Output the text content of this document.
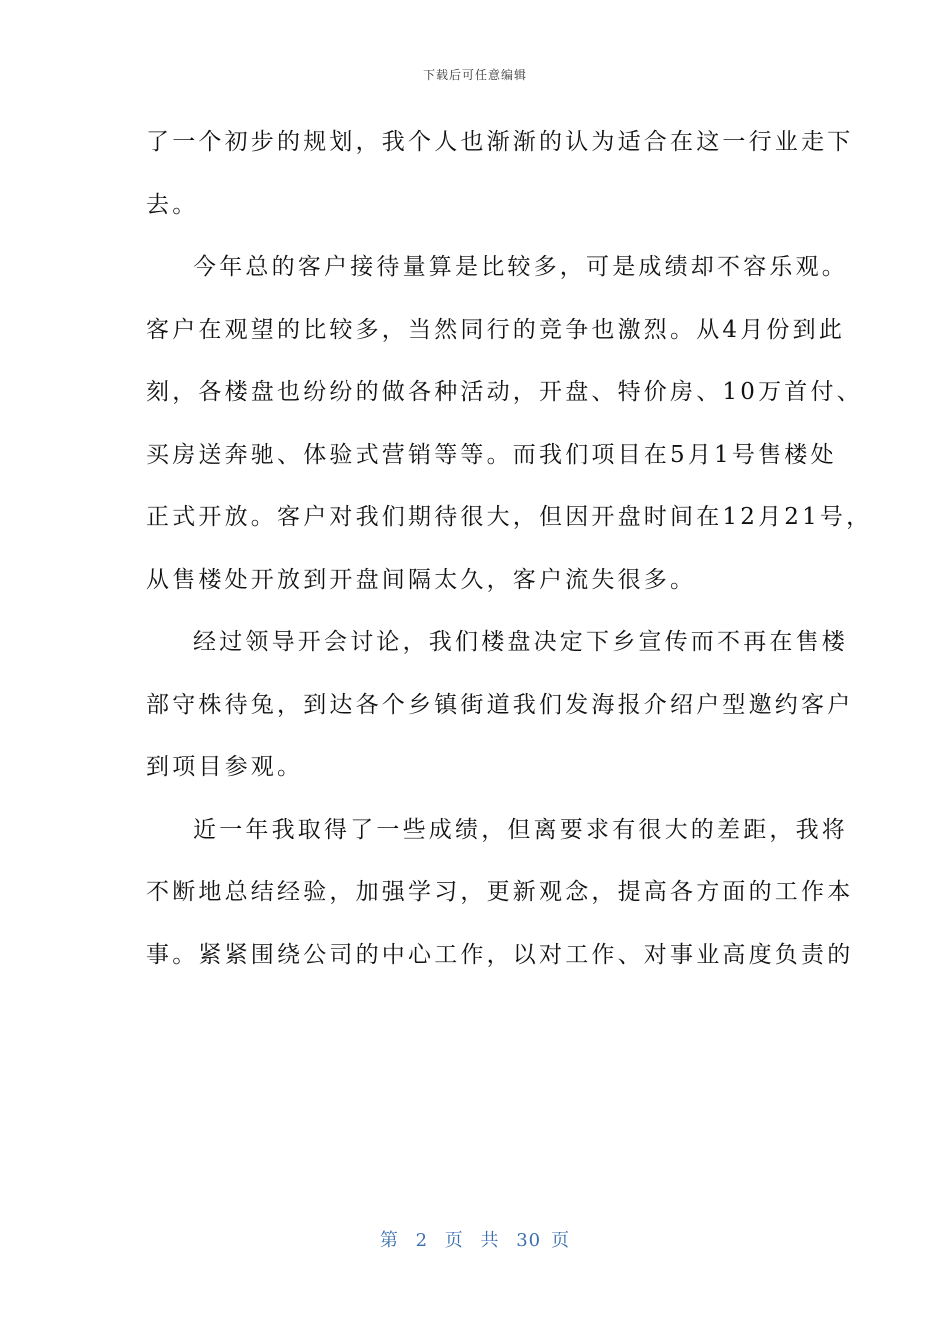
下载后可任意编辑
了一个初步的规划，我个人也渐渐的认为适合在这一行业走下
去。
今年总的客户接待量算是比较多，可是成绩却不容乐观。
客户在观望的比较多，当然同行的竞争也激烈。从4月份到此
刻，各楼盘也纷纷的做各种活动，开盘、特价房、10万首付、
买房送奔驰、体验式营销等等。而我们项目在5月1号售楼处
正式开放。客户对我们期待很大，但因开盘时间在12月21号，
从售楼处开放到开盘间隔太久，客户流失很多。
经过领导开会讨论，我们楼盘决定下乡宣传而不再在售楼
部守株待兔，到达各个乡镇街道我们发海报介绍户型邀约客户
到项目参观。
近一年我取得了一些成绩，但离要求有很大的差距，我将
不断地总结经验，加强学习，更新观念，提高各方面的工作本
事。紧紧围绕公司的中心工作，以对工作、对事业高度负责的
第 2 页 共 30 页
